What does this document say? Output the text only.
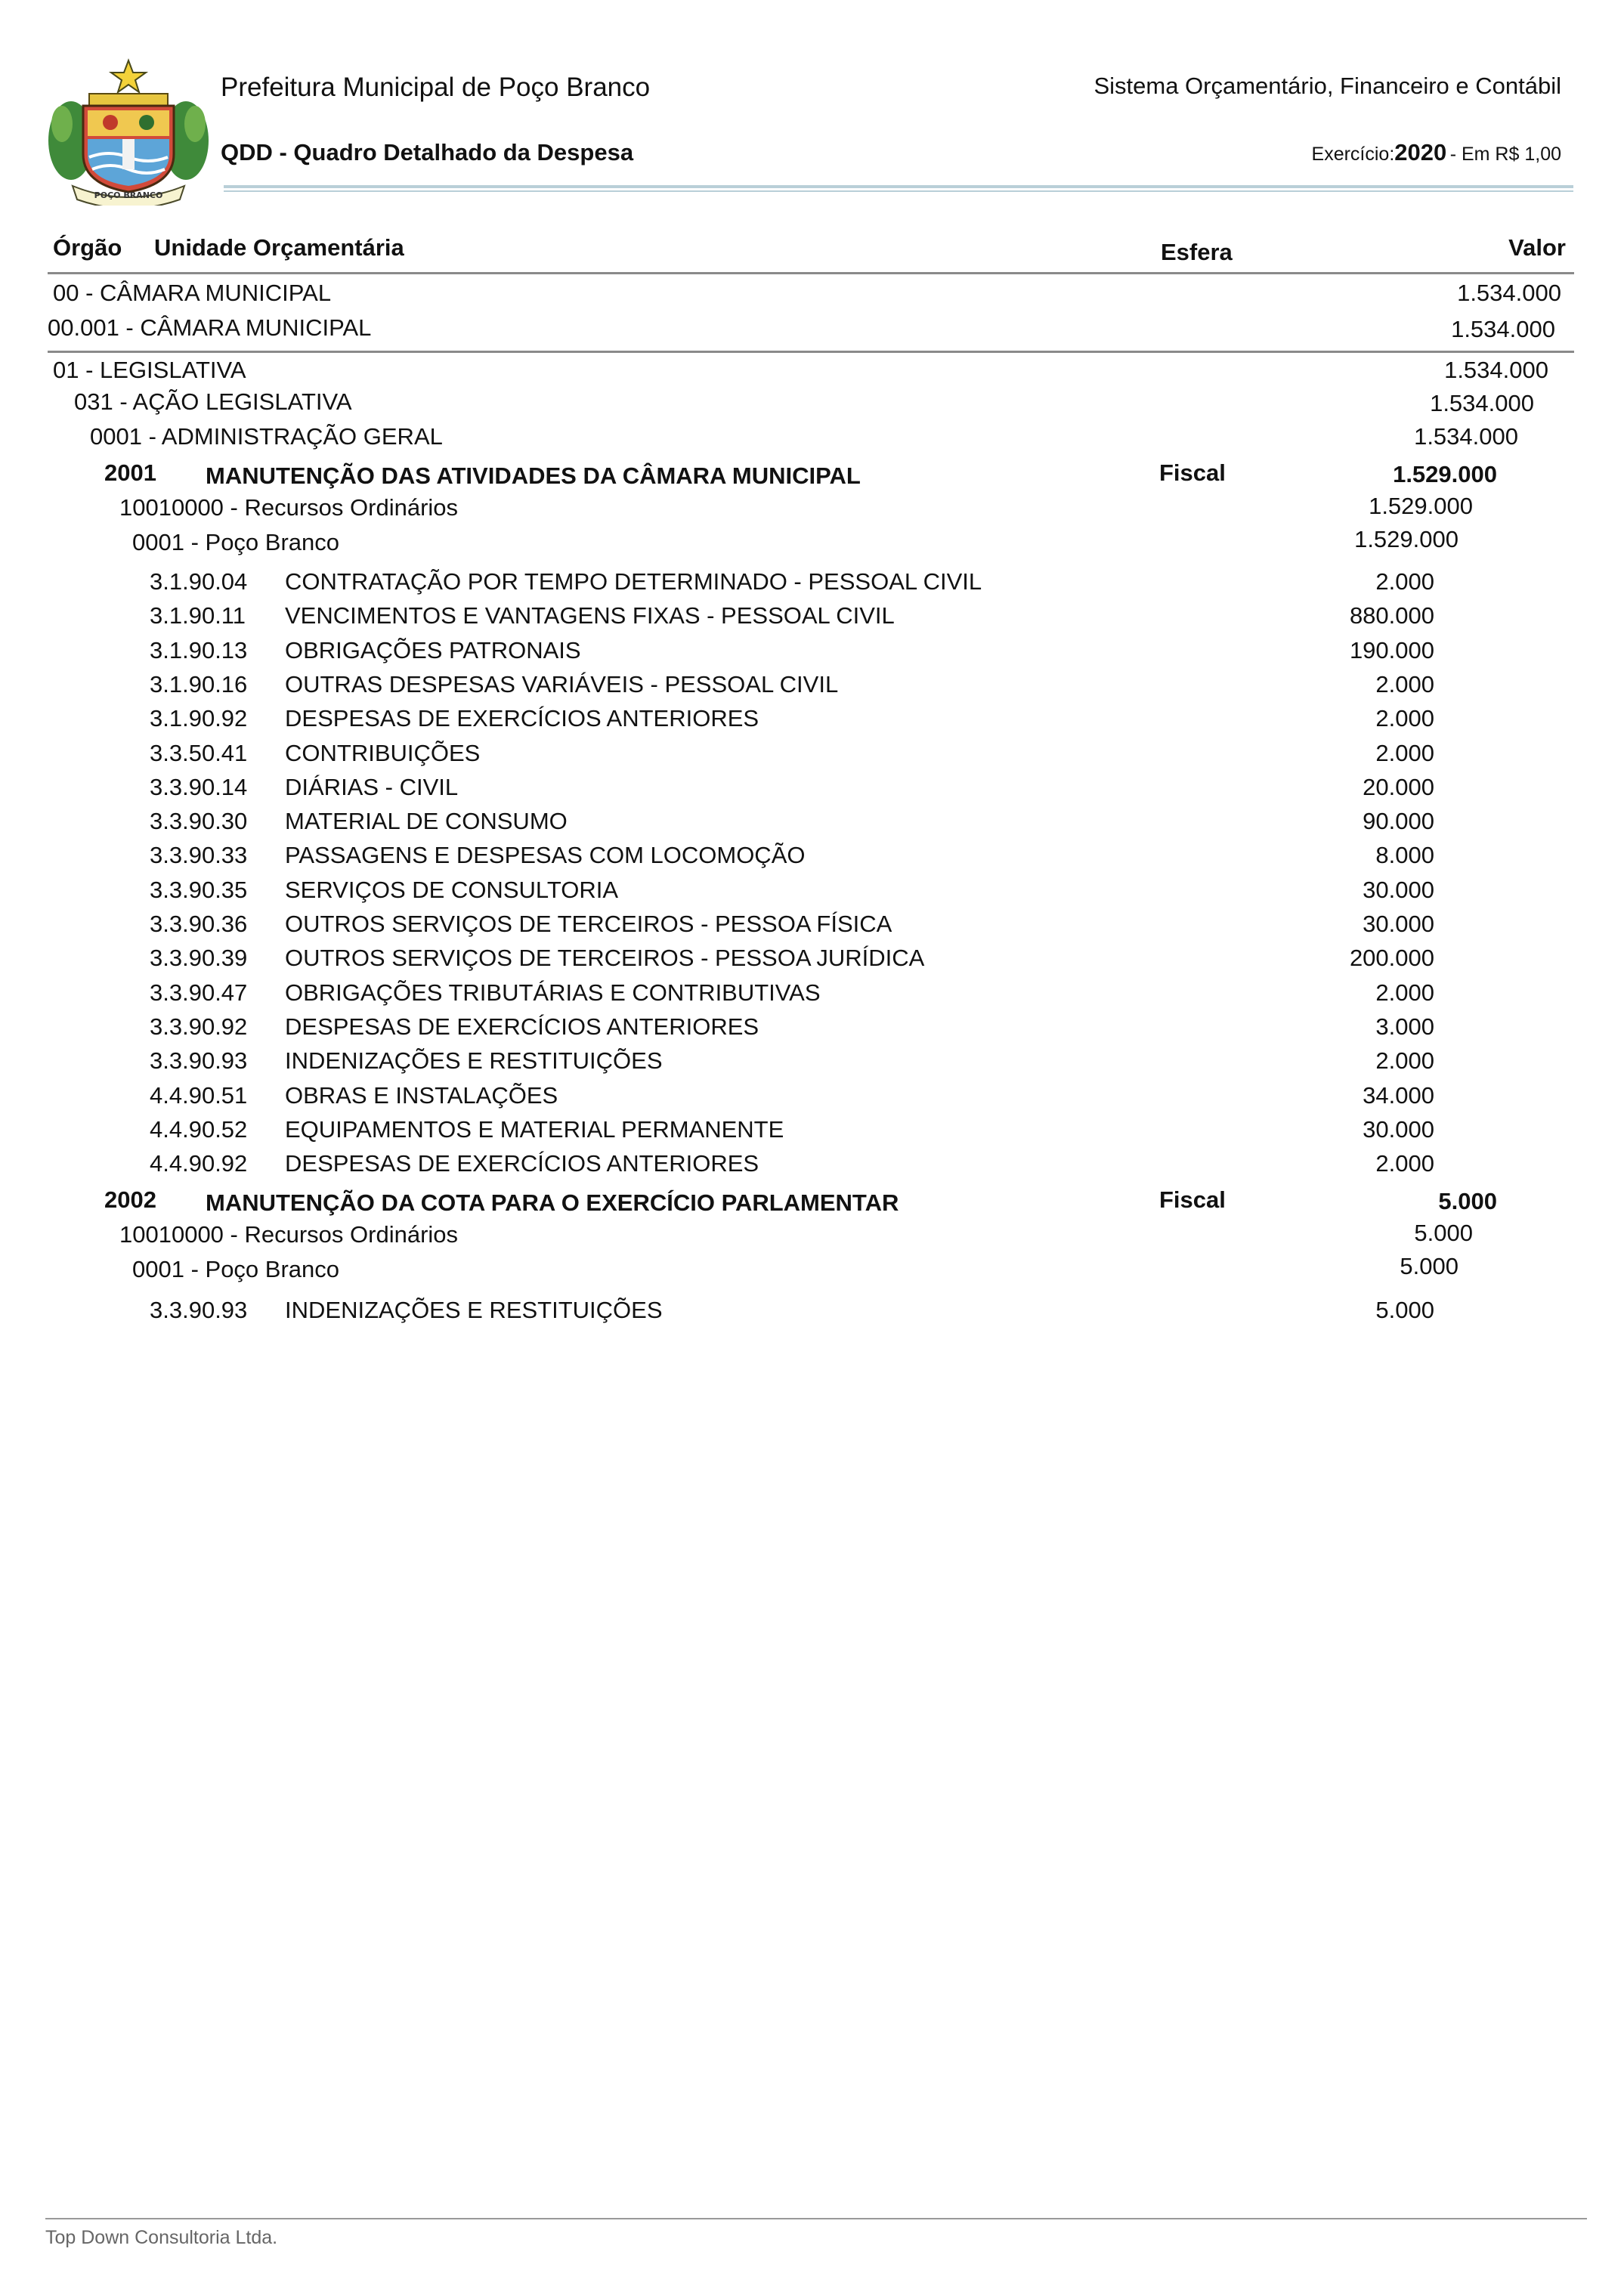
POÇO BRANCO
Prefeitura Municipal de Poço Branco	Sistema Orçamentário, Financeiro e Contábil
QDD - Quadro Detalhado da Despesa	Exercício:2020 - Em R$ 1,00
Órgão Unidade Orçamentária	Esfera	Valor
00 - CÂMARA MUNICIPAL	1.534.000
00.001 - CÂMARA MUNICIPAL	1.534.000
01 - LEGISLATIVA	1.534.000
031 - AÇÃO LEGISLATIVA	1.534.000
0001 - ADMINISTRAÇÃO GERAL	1.534.000
2001 MANUTENÇÃO DAS ATIVIDADES DA CÂMARA MUNICIPAL	Fiscal	1.529.000
10010000 - Recursos Ordinários	1.529.000
0001 - Poço Branco	1.529.000
3.1.90.04 CONTRATAÇÃO POR TEMPO DETERMINADO - PESSOAL CIVIL	2.000
3.1.90.11 VENCIMENTOS E VANTAGENS FIXAS - PESSOAL CIVIL	880.000
3.1.90.13 OBRIGAÇÕES PATRONAIS	190.000
3.1.90.16 OUTRAS DESPESAS VARIÁVEIS - PESSOAL CIVIL	2.000
3.1.90.92 DESPESAS DE EXERCÍCIOS ANTERIORES	2.000
3.3.50.41 CONTRIBUIÇÕES	2.000
3.3.90.14 DIÁRIAS - CIVIL	20.000
3.3.90.30 MATERIAL DE CONSUMO	90.000
3.3.90.33 PASSAGENS E DESPESAS COM LOCOMOÇÃO	8.000
3.3.90.35 SERVIÇOS DE CONSULTORIA	30.000
3.3.90.36 OUTROS SERVIÇOS DE TERCEIROS - PESSOA FÍSICA	30.000
3.3.90.39 OUTROS SERVIÇOS DE TERCEIROS - PESSOA JURÍDICA	200.000
3.3.90.47 OBRIGAÇÕES TRIBUTÁRIAS E CONTRIBUTIVAS	2.000
3.3.90.92 DESPESAS DE EXERCÍCIOS ANTERIORES	3.000
3.3.90.93 INDENIZAÇÕES E RESTITUIÇÕES	2.000
4.4.90.51 OBRAS E INSTALAÇÕES	34.000
4.4.90.52 EQUIPAMENTOS E MATERIAL PERMANENTE	30.000
4.4.90.92 DESPESAS DE EXERCÍCIOS ANTERIORES	2.000
2002 MANUTENÇÃO DA COTA PARA O EXERCÍCIO PARLAMENTAR	Fiscal	5.000
10010000 - Recursos Ordinários	5.000
0001 - Poço Branco	5.000
3.3.90.93 INDENIZAÇÕES E RESTITUIÇÕES	5.000
Top Down Consultoria Ltda.
